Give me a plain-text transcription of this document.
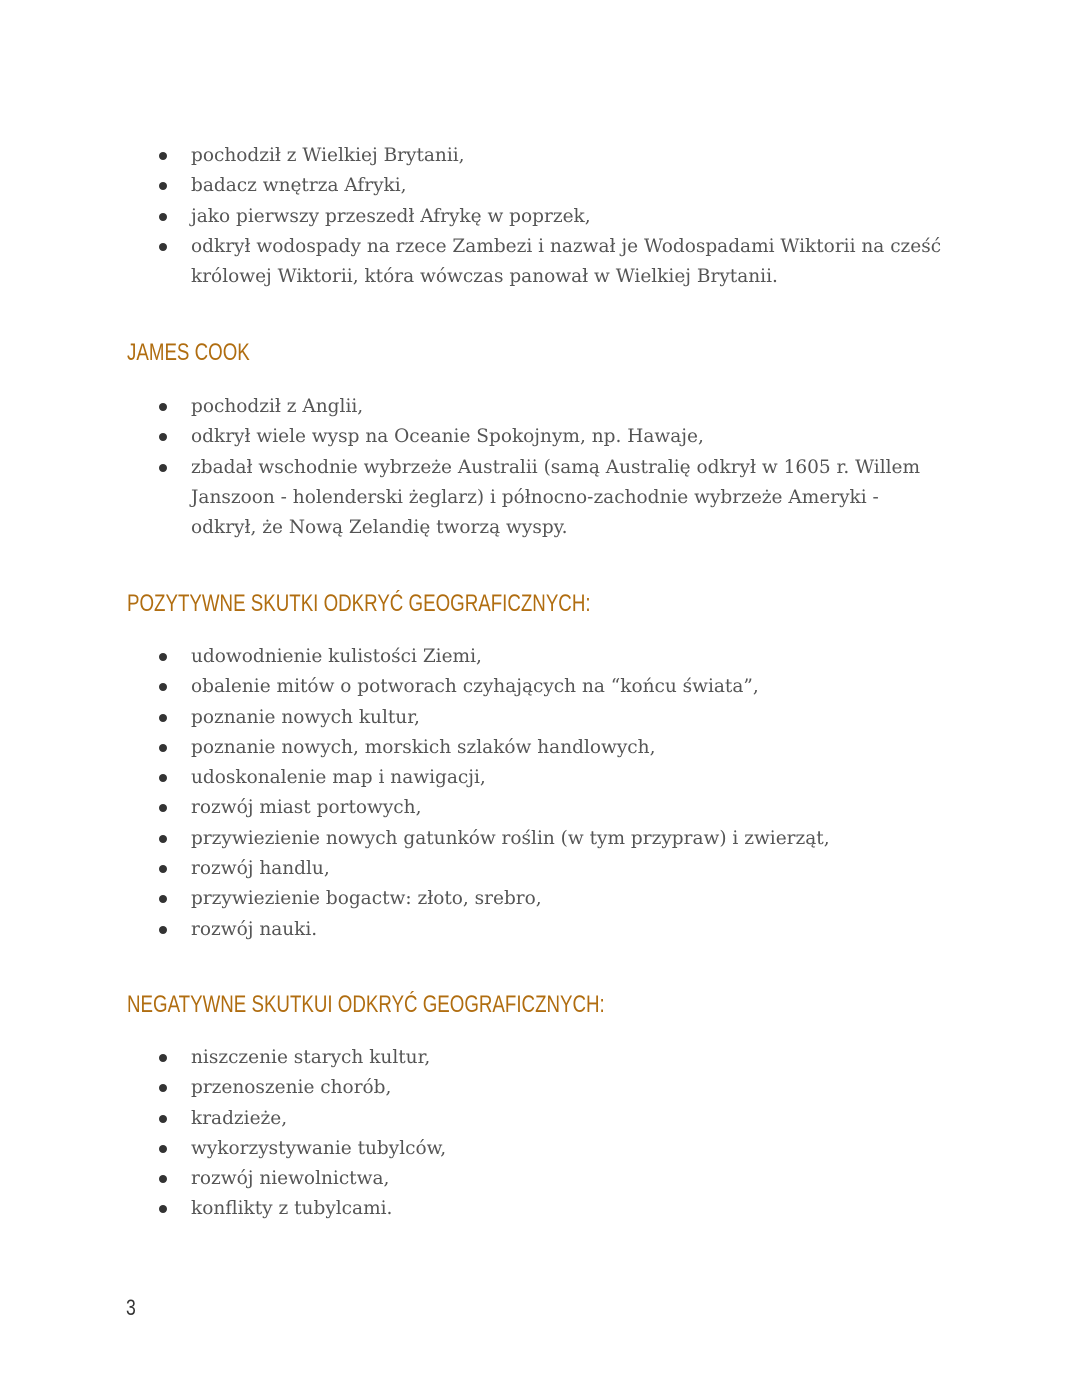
pochodził z Wielkiej Brytanii,
badacz wnętrza Afryki,
jako pierwszy przeszedł Afrykę w poprzek,
odkrył wodospady na rzece Zambezi i nazwał je Wodospadami Wiktorii na cześć królowej Wiktorii, która wówczas panował w Wielkiej Brytanii.
JAMES COOK
pochodził z Anglii,
odkrył wiele wysp na Oceanie Spokojnym, np. Hawaje,
zbadał wschodnie wybrzeże Australii (samą Australię odkrył w 1605 r. Willem Janszoon - holenderski żeglarz) i północno-zachodnie wybrzeże Ameryki - odkrył, że Nową Zelandię tworzą wyspy.
POZYTYWNE SKUTKI ODKRYĆ GEOGRAFICZNYCH:
udowodnienie kulistości Ziemi,
obalenie mitów o potworach czyhających na “końcu świata”,
poznanie nowych kultur,
poznanie nowych, morskich szlaków handlowych,
udoskonalenie map i nawigacji,
rozwój miast portowych,
przywiezienie nowych gatunków roślin (w tym przypraw) i zwierząt,
rozwój handlu,
przywiezienie bogactw: złoto, srebro,
rozwój nauki.
NEGATYWNE SKUTKUI ODKRYĆ GEOGRAFICZNYCH:
niszczenie starych kultur,
przenoszenie chorób,
kradzieże,
wykorzystywanie tubylców,
rozwój niewolnictwa,
konflikty z tubylcami.
3
